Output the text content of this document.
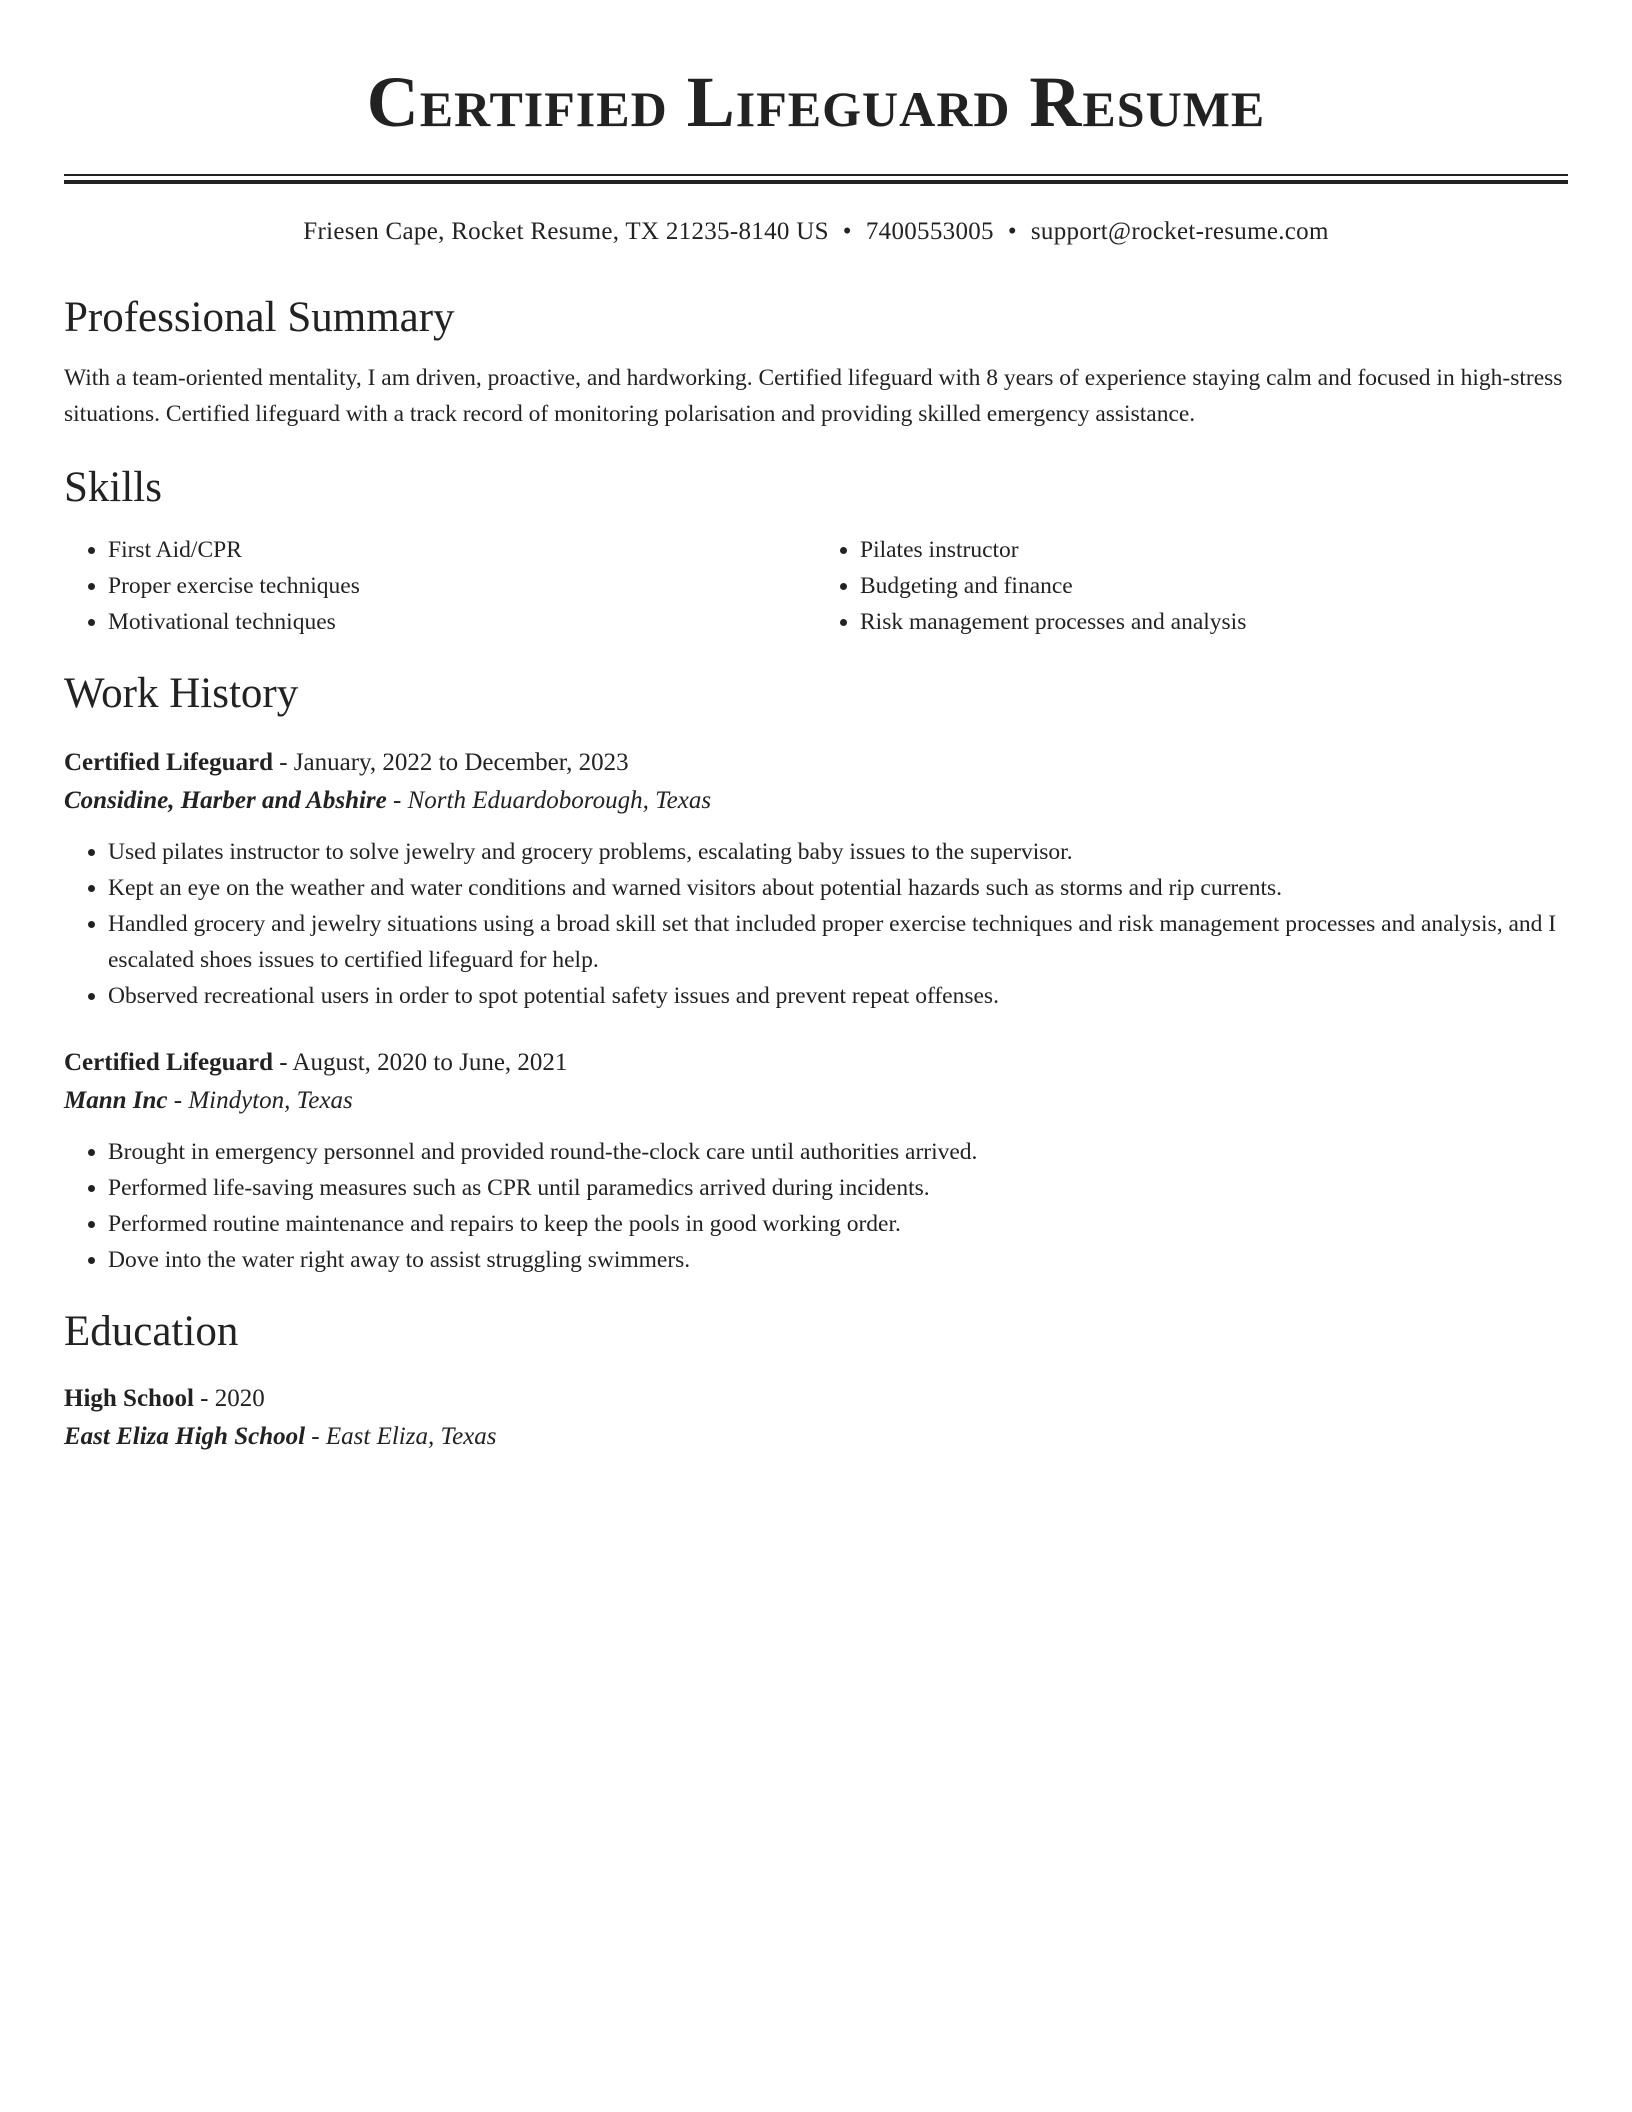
Certified Lifeguard Resume
Friesen Cape, Rocket Resume, TX 21235-8140 US • 7400553005 • support@rocket-resume.com
Professional Summary

With a team-oriented mentality, I am driven, proactive, and hardworking. Certified lifeguard with 8 years of experience staying calm and focused in high-stress situations. Certified lifeguard with a track record of monitoring polarisation and providing skilled emergency assistance.

Skills
• First Aid/CPR
• Proper exercise techniques
• Motivational techniques
• Pilates instructor
• Budgeting and finance
• Risk management processes and analysis
Work History
Certified Lifeguard - January, 2022 to December, 2023
Considine, Harber and Abshire - North Eduardoborough, Texas
• Used pilates instructor to solve jewelry and grocery problems, escalating baby issues to the supervisor.
• Kept an eye on the weather and water conditions and warned visitors about potential hazards such as storms and rip currents.
• Handled grocery and jewelry situations using a broad skill set that included proper exercise techniques and risk management processes and analysis, and I escalated shoes issues to certified lifeguard for help.
• Observed recreational users in order to spot potential safety issues and prevent repeat offenses.
Certified Lifeguard - August, 2020 to June, 2021
Mann Inc - Mindyton, Texas
• Brought in emergency personnel and provided round-the-clock care until authorities arrived.
• Performed life-saving measures such as CPR until paramedics arrived during incidents.
• Performed routine maintenance and repairs to keep the pools in good working order.
• Dove into the water right away to assist struggling swimmers.
Education
High School - 2020
East Eliza High School - East Eliza, Texas
